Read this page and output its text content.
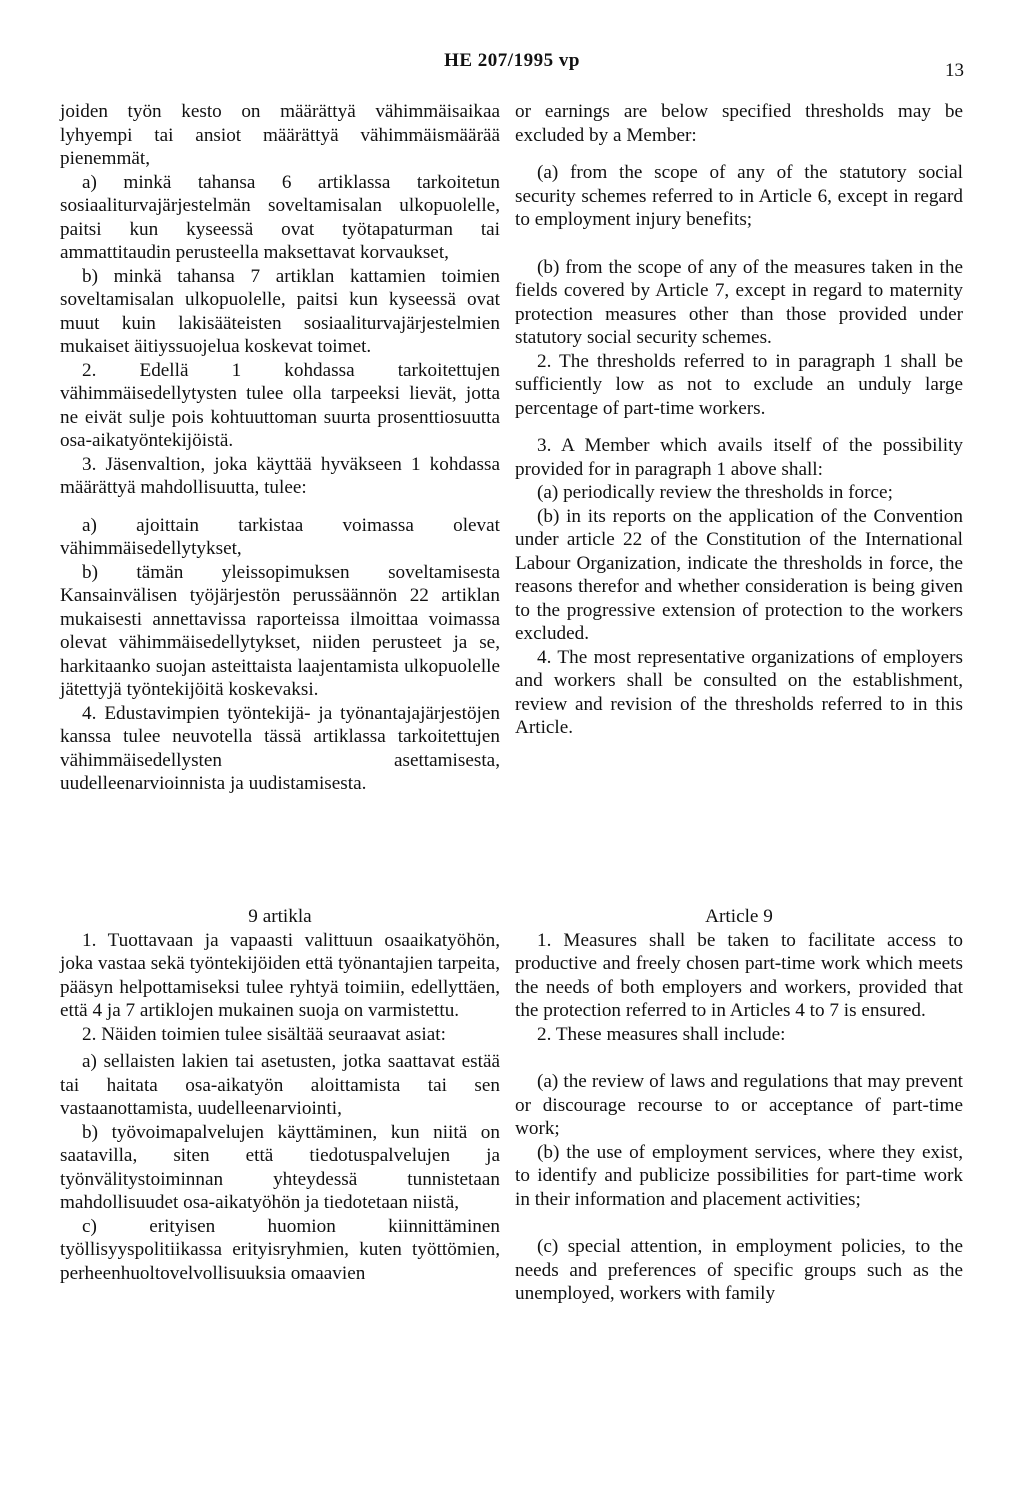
HE 207/1995 vp	13

joiden työn kesto on määrättyä vähimmäisaikaa lyhyempi tai ansiot määrättyä vähimmäismäärää pienemmät,

a) minkä tahansa 6 artiklassa tarkoitetun sosiaaliturvajärjestelmän soveltamisalan ulkopuolelle, paitsi kun kyseessä ovat työtapaturman tai ammattitaudin perusteella maksettavat korvaukset,

b) minkä tahansa 7 artiklan kattamien toimien soveltamisalan ulkopuolelle, paitsi kun kyseessä ovat muut kuin lakisääteisten sosiaaliturvajärjestelmien mukaiset äitiyssuojelua koskevat toimet.

2. Edellä 1 kohdassa tarkoitettujen vähimmäisedellytysten tulee olla tarpeeksi lievät, jotta ne eivät sulje pois kohtuuttoman suurta prosenttiosuutta osa-aikatyöntekijöistä.

3. Jäsenvaltion, joka käyttää hyväkseen 1 kohdassa määrättyä mahdollisuutta, tulee:

a) ajoittain tarkistaa voimassa olevat vähimmäisedellytykset,

b) tämän yleissopimuksen soveltamisesta Kansainvälisen työjärjestön perussäännön 22 artiklan mukaisesti annettavissa raporteissa ilmoittaa voimassa olevat vähimmäisedellytykset, niiden perusteet ja se, harkitaanko suojan asteittaista laajentamista ulkopuolelle jätettyjä työntekijöitä koskevaksi.

4. Edustavimpien työntekijä- ja työnantajajärjestöjen kanssa tulee neuvotella tässä artiklassa tarkoitettujen vähimmäisedellysten asettamisesta, uudelleenarvioinnista ja uudistamisesta.

or earnings are below specified thresholds may be excluded by a Member:

(a) from the scope of any of the statutory social security schemes referred to in Article 6, except in regard to employment injury benefits;

(b) from the scope of any of the measures taken in the fields covered by Article 7, except in regard to maternity protection measures other than those provided under statutory social security schemes.

2. The thresholds referred to in paragraph 1 shall be sufficiently low as not to exclude an unduly large percentage of part-time workers.

3. A Member which avails itself of the possibility provided for in paragraph 1 above shall:

(a) periodically review the thresholds in force;

(b) in its reports on the application of the Convention under article 22 of the Constitution of the International Labour Organization, indicate the thresholds in force, the reasons therefor and whether consideration is being given to the progressive extension of protection to the workers excluded.

4. The most representative organizations of employers and workers shall be consulted on the establishment, review and revision of the thresholds referred to in this Article.

9 artikla

1. Tuottavaan ja vapaasti valittuun osaaikatyöhön, joka vastaa sekä työntekijöiden että työnantajien tarpeita, pääsyn helpottamiseksi tulee ryhtyä toimiin, edellyttäen, että 4 ja 7 artiklojen mukainen suoja on varmistettu.

2. Näiden toimien tulee sisältää seuraavat asiat:

a) sellaisten lakien tai asetusten, jotka saattavat estää tai haitata osa-aikatyön aloittamista tai sen vastaanottamista, uudelleenarviointi,

b) työvoimapalvelujen käyttäminen, kun niitä on saatavilla, siten että tiedotuspalvelujen ja työnvälitystoiminnan yhteydessä tunnistetaan mahdollisuudet osa-aikatyöhön ja tiedotetaan niistä,

c) erityisen huomion kiinnittäminen työllisyyspolitiikassa erityisryhmien, kuten työttömien, perheenhuoltovelvollisuuksia omaavien

Article 9

1. Measures shall be taken to facilitate access to productive and freely chosen part-time work which meets the needs of both employers and workers, provided that the protection referred to in Articles 4 to 7 is ensured.

2. These measures shall include:

(a) the review of laws and regulations that may prevent or discourage recourse to or acceptance of part-time work;

(b) the use of employment services, where they exist, to identify and publicize possibilities for part-time work in their information and placement activities;

(c) special attention, in employment policies, to the needs and preferences of specific groups such as the unemployed, workers with family
